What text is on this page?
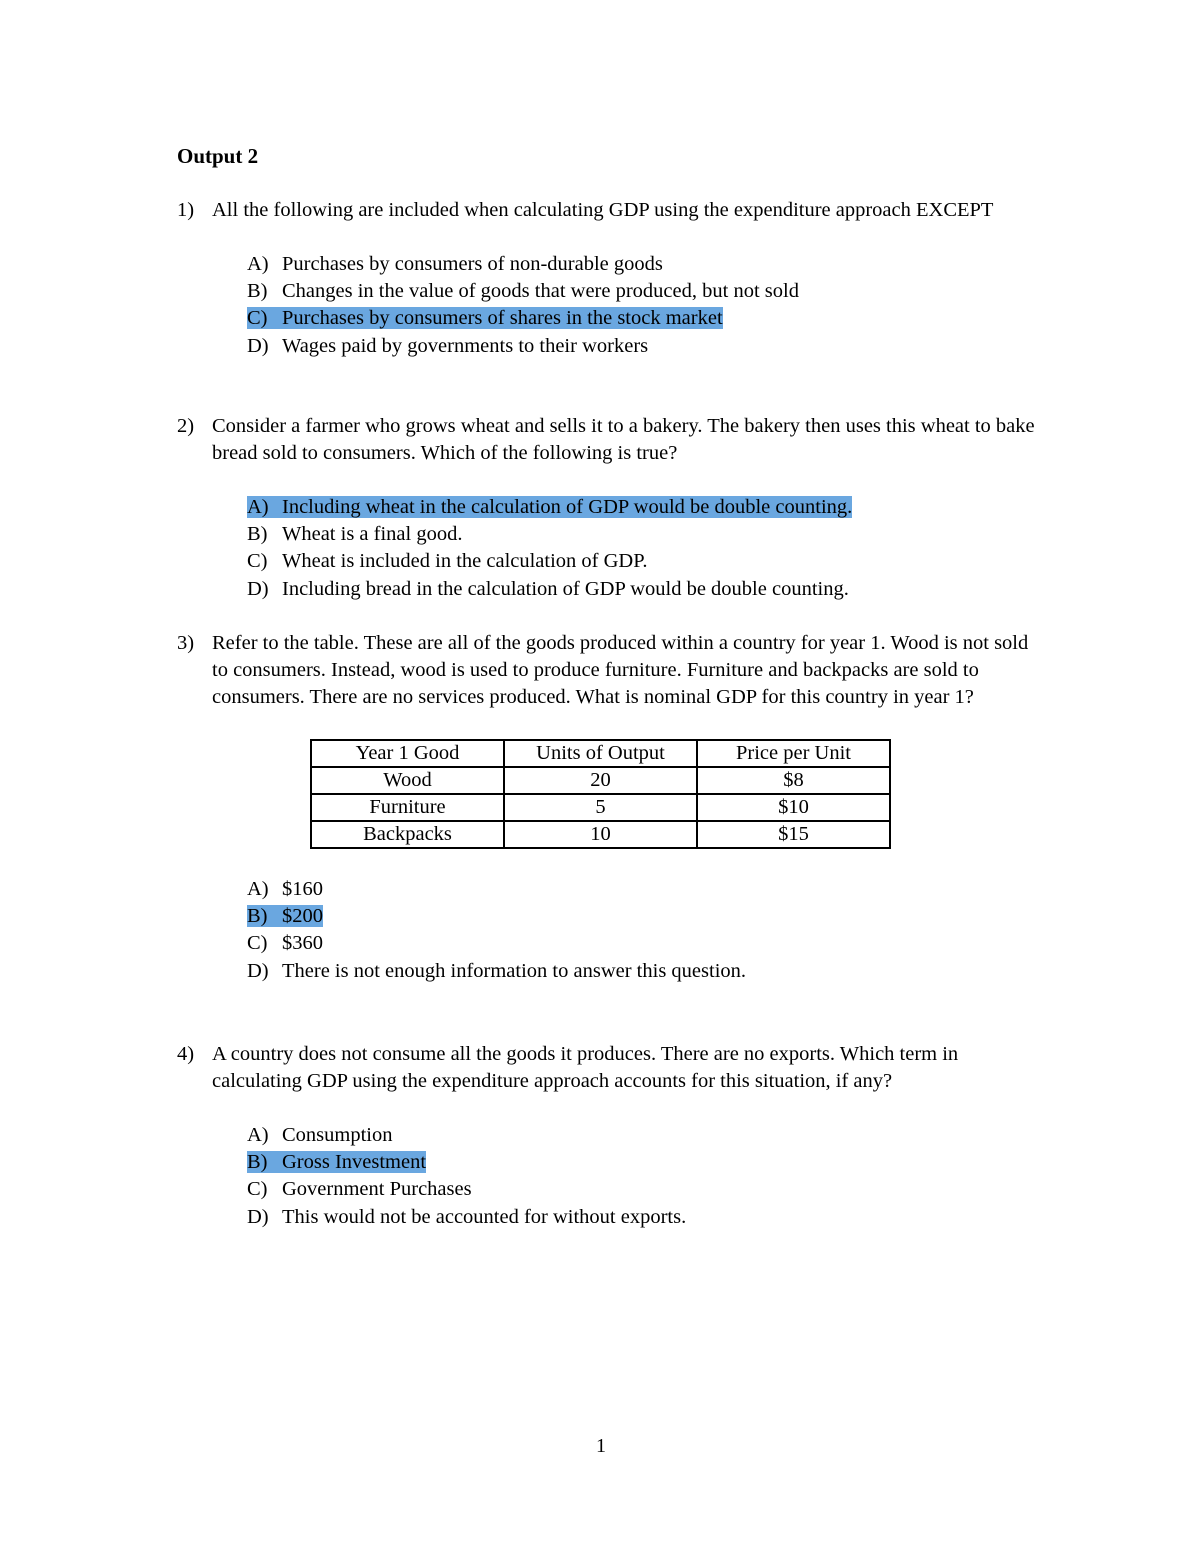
Output 2
1) All the following are included when calculating GDP using the expenditure approach EXCEPT
A) Purchases by consumers of non-durable goods
B) Changes in the value of goods that were produced, but not sold
C) Purchases by consumers of shares in the stock market
D) Wages paid by governments to their workers
2) Consider a farmer who grows wheat and sells it to a bakery. The bakery then uses this wheat to bake bread sold to consumers. Which of the following is true?
A) Including wheat in the calculation of GDP would be double counting.
B) Wheat is a final good.
C) Wheat is included in the calculation of GDP.
D) Including bread in the calculation of GDP would be double counting.
3) Refer to the table. These are all of the goods produced within a country for year 1. Wood is not sold to consumers. Instead, wood is used to produce furniture. Furniture and backpacks are sold to consumers. There are no services produced. What is nominal GDP for this country in year 1?
Year 1 Good	Units of Output	Price per Unit
Wood	20	$8
Furniture	5	$10
Backpacks	10	$15
A) $160
B) $200
C) $360
D) There is not enough information to answer this question.
4) A country does not consume all the goods it produces. There are no exports. Which term in calculating GDP using the expenditure approach accounts for this situation, if any?
A) Consumption
B) Gross Investment
C) Government Purchases
D) This would not be accounted for without exports.
1
